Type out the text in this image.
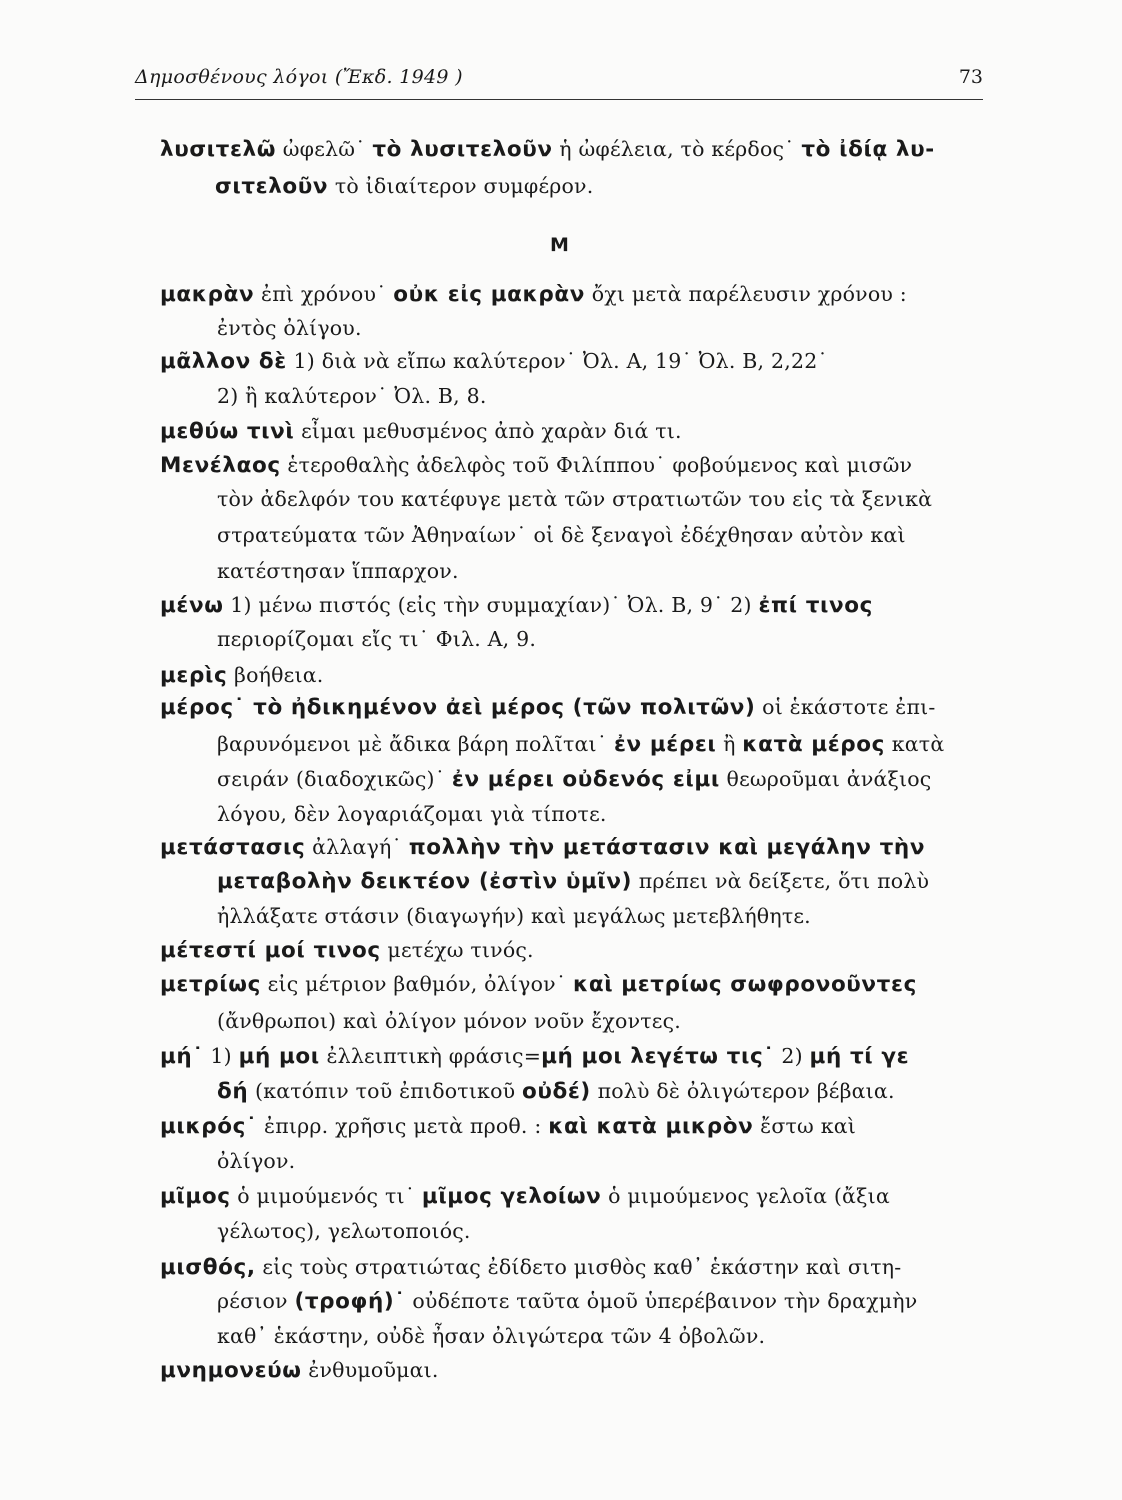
Δημοσθένους λόγοι (Ἔκδ. 1949 )	73
Μ
λυσιτελῶ ὠφελῶ˙ τὸ λυσιτελοῦν ἡ ὠφέλεια, τὸ κέρδος˙ τὸ ἰδίᾳ λυ-
σιτελοῦν τὸ ἰδιαίτερον συμφέρον.
μακρὰν ἐπὶ χρόνου˙ οὐκ εἰς μακρὰν ὄχι μετὰ παρέλευσιν χρόνου :
ἐντὸς ὀλίγου.
μᾶλλον δὲ 1) διὰ νὰ εἴπω καλύτερον˙ Ὀλ. Α, 19˙ Ὀλ. Β, 2,22˙
2) ἢ καλύτερον˙ Ὀλ. Β, 8.
μεθύω τινὶ εἶμαι μεθυσμένος ἀπὸ χαρὰν διά τι.
Μενέλαος ἑτεροθαλὴς ἀδελφὸς τοῦ Φιλίππου˙ φοβούμενος καὶ μισῶν
τὸν ἀδελφόν του κατέφυγε μετὰ τῶν στρατιωτῶν του εἰς τὰ ξενικὰ
στρατεύματα τῶν Ἀθηναίων˙ οἱ δὲ ξεναγοὶ ἐδέχθησαν αὐτὸν καὶ
κατέστησαν ἵππαρχον.
μένω 1) μένω πιστός (εἰς τὴν συμμαχίαν)˙ Ὀλ. Β, 9˙ 2) ἐπί τινος
περιορίζομαι εἴς τι˙ Φιλ. Α, 9.
μερὶς βοήθεια.
μέρος˙ τὸ ἠδικημένον ἀεὶ μέρος (τῶν πολιτῶν) οἱ ἑκάστοτε ἐπι-
βαρυνόμενοι μὲ ἄδικα βάρη πολῖται˙ ἐν μέρει ἢ κατὰ μέρος κατὰ
σειράν (διαδοχικῶς)˙ ἐν μέρει οὐδενός εἰμι θεωροῦμαι ἀνάξιος
λόγου, δὲν λογαριάζομαι γιὰ τίποτε.
μετάστασις ἀλλαγή˙ πολλὴν τὴν μετάστασιν καὶ μεγάλην τὴν
μεταβολὴν δεικτέον (ἐστὶν ὑμῖν) πρέπει νὰ δείξετε, ὅτι πολὺ
ἠλλάξατε στάσιν (διαγωγήν) καὶ μεγάλως μετεβλήθητε.
μέτεστί μοί τινος μετέχω τινός.
μετρίως εἰς μέτριον βαθμόν, ὀλίγον˙ καὶ μετρίως σωφρονοῦντες
(ἄνθρωποι) καὶ ὀλίγον μόνον νοῦν ἔχοντες.
μή˙ 1) μή μοι ἐλλειπτικὴ φράσις=μή μοι λεγέτω τις˙ 2) μή τί γε
δή (κατόπιν τοῦ ἐπιδοτικοῦ οὐδέ) πολὺ δὲ ὀλιγώτερον βέβαια.
μικρός˙ ἐπιρρ. χρῆσις μετὰ προθ. : καὶ κατὰ μικρὸν ἔστω καὶ
ὀλίγον.
μῖμος ὁ μιμούμενός τι˙ μῖμος γελοίων ὁ μιμούμενος γελοῖα (ἄξια
γέλωτος), γελωτοποιός.
μισθός, εἰς τοὺς στρατιώτας ἐδίδετο μισθὸς καθ᾽ ἑκάστην καὶ σιτη-
ρέσιον (τροφή)˙ οὐδέποτε ταῦτα ὁμοῦ ὑπερέβαινον τὴν δραχμὴν
καθ᾽ ἑκάστην, οὐδὲ ἦσαν ὀλιγώτερα τῶν 4 ὀβολῶν.
μνημονεύω ἐνθυμοῦμαι.
